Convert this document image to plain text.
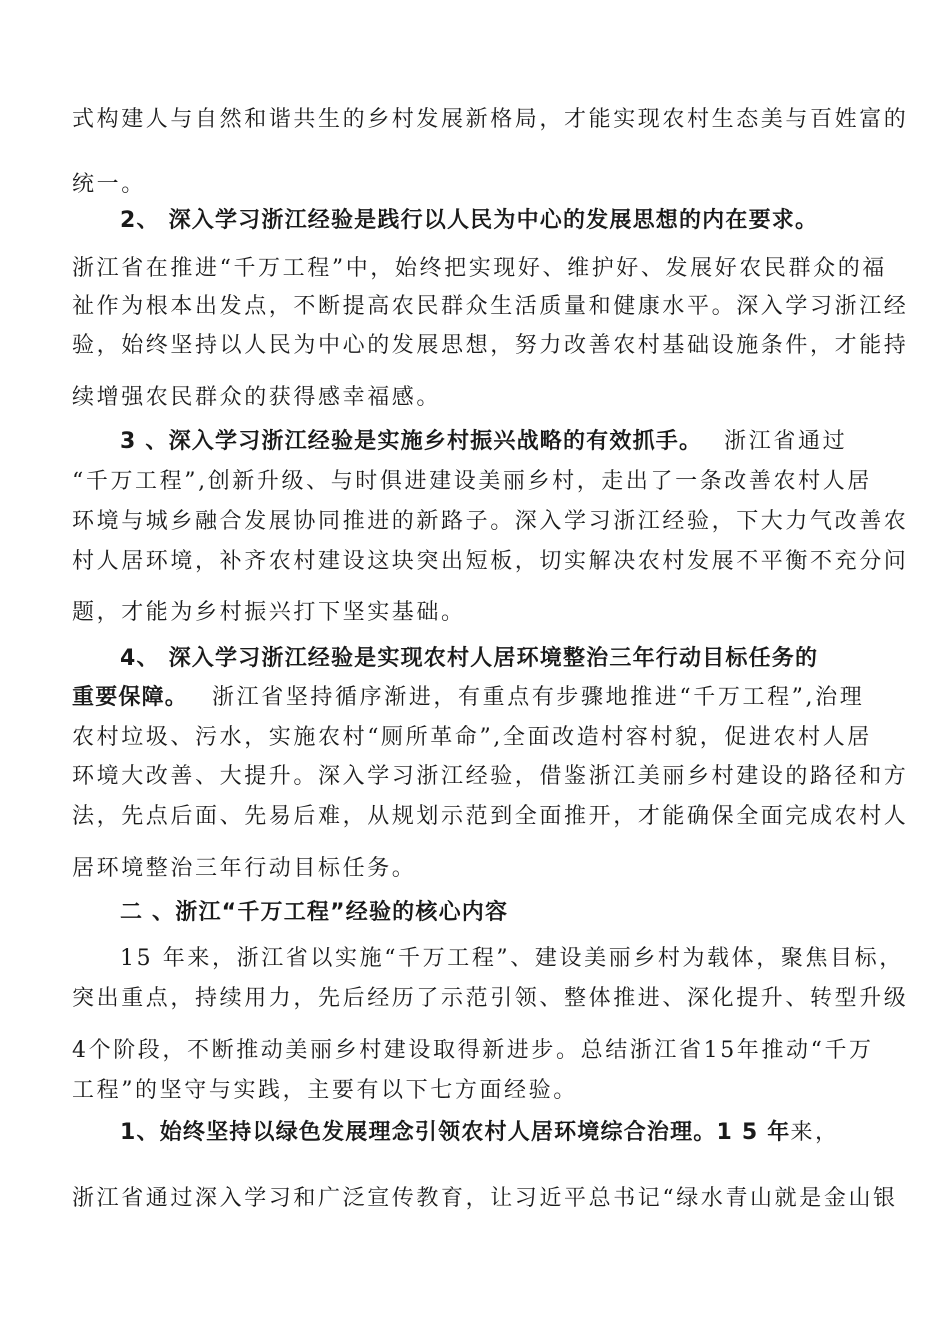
式构建人与自然和谐共生的乡村发展新格局，才能实现农村生态美与百姓富的
统一。
2、 深入学习浙江经验是践行以人民为中心的发展思想的内在要求。
浙江省在推进“千万工程”中，始终把实现好、维护好、发展好农民群众的福
祉作为根本出发点，不断提高农民群众生活质量和健康水平。深入学习浙江经
验，始终坚持以人民为中心的发展思想，努力改善农村基础设施条件，才能持
续增强农民群众的获得感幸福感。
3 、深入学习浙江经验是实施乡村振兴战略的有效抓手。 浙江省通过
“千万工程”,创新升级、与时俱进建设美丽乡村，走出了一条改善农村人居
环境与城乡融合发展协同推进的新路子。深入学习浙江经验，下大力气改善农
村人居环境，补齐农村建设这块突出短板，切实解决农村发展不平衡不充分问
题，才能为乡村振兴打下坚实基础。
4、 深入学习浙江经验是实现农村人居环境整治三年行动目标任务的
重要保障。 浙江省坚持循序渐进，有重点有步骤地推进“千万工程”,治理
农村垃圾、污水，实施农村“厕所革命”,全面改造村容村貌，促进农村人居
环境大改善、大提升。深入学习浙江经验，借鉴浙江美丽乡村建设的路径和方
法，先点后面、先易后难，从规划示范到全面推开，才能确保全面完成农村人
居环境整治三年行动目标任务。
二 、浙江“千万工程”经验的核心内容
15 年来，浙江省以实施“千万工程”、建设美丽乡村为载体，聚焦目标，
突出重点，持续用力，先后经历了示范引领、整体推进、深化提升、转型升级
4个阶段，不断推动美丽乡村建设取得新进步。总结浙江省15年推动“千万
工程”的坚守与实践，主要有以下七方面经验。
1、始终坚持以绿色发展理念引领农村人居环境综合治理。1 5 年来，
浙江省通过深入学习和广泛宣传教育，让习近平总书记“绿水青山就是金山银
